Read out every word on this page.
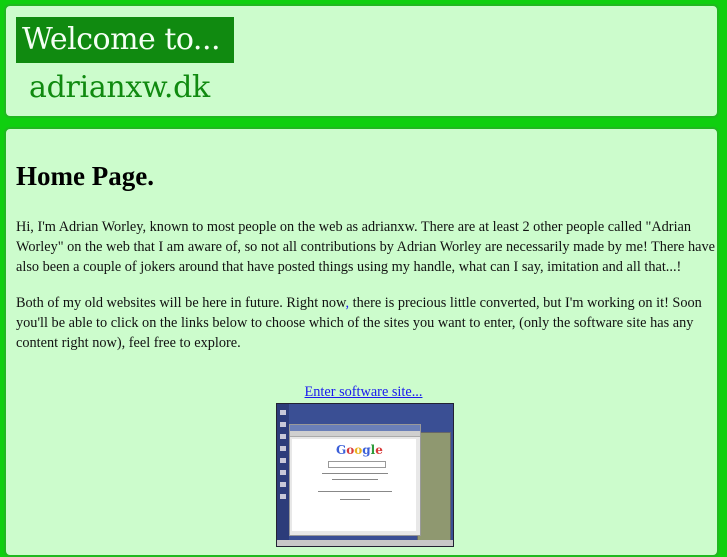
Welcome to...
adrianxw.dk
Home Page.

Hi, I'm Adrian Worley, known to most people on the web as adrianxw. There are at least 2 other people called "Adrian Worley" on the web that I am aware of, so not all contributions by Adrian Worley are necessarily made by me! There have also been a couple of jokers around that have posted things using my handle, what can I say, imitation and all that...!

Both of my old websites will be here in future. Right now, there is precious little converted, but I'm working on it! Soon you'll be able to click on the links below to choose which of the sites you want to enter, (only the software site has any content right now), feel free to explore.

Enter software site...
Google
